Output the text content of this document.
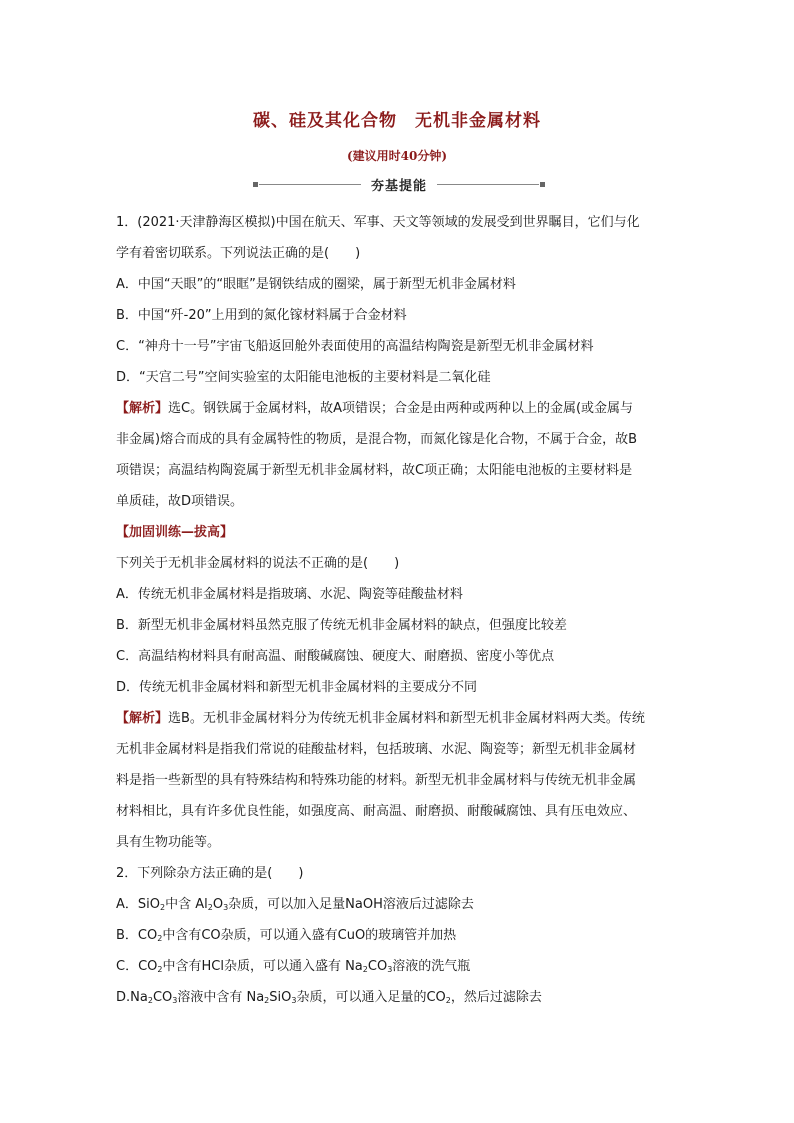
碳、硅及其化合物　无机非金属材料
(建议用时40分钟)
夯基提能
1．(2021·天津静海区模拟)中国在航天、军事、天文等领域的发展受到世界瞩目，它们与化
学有着密切联系。下列说法正确的是(　　)
A．中国“天眼”的“眼眶”是钢铁结成的圈梁，属于新型无机非金属材料
B．中国“歼-20”上用到的氮化镓材料属于合金材料
C．“神舟十一号”宇宙飞船返回舱外表面使用的高温结构陶瓷是新型无机非金属材料
D．“天宫二号”空间实验室的太阳能电池板的主要材料是二氧化硅
【解析】选C。钢铁属于金属材料，故A项错误；合金是由两种或两种以上的金属(或金属与
非金属)熔合而成的具有金属特性的物质，是混合物，而氮化镓是化合物，不属于合金，故B
项错误；高温结构陶瓷属于新型无机非金属材料，故C项正确；太阳能电池板的主要材料是
单质硅，故D项错误。
【加固训练—拔高】
下列关于无机非金属材料的说法不正确的是(　　)
A．传统无机非金属材料是指玻璃、水泥、陶瓷等硅酸盐材料
B．新型无机非金属材料虽然克服了传统无机非金属材料的缺点，但强度比较差
C．高温结构材料具有耐高温、耐酸碱腐蚀、硬度大、耐磨损、密度小等优点
D．传统无机非金属材料和新型无机非金属材料的主要成分不同
【解析】选B。无机非金属材料分为传统无机非金属材料和新型无机非金属材料两大类。传统
无机非金属材料是指我们常说的硅酸盐材料，包括玻璃、水泥、陶瓷等；新型无机非金属材
料是指一些新型的具有特殊结构和特殊功能的材料。新型无机非金属材料与传统无机非金属
材料相比，具有许多优良性能，如强度高、耐高温、耐磨损、耐酸碱腐蚀、具有压电效应、
具有生物功能等。
2．下列除杂方法正确的是(　　)
A．SiO$_2$中含 $Al_2O_3$杂质，可以加入足量NaOH溶液后过滤除去
B．$CO_2$中含有CO杂质，可以通入盛有CuO的玻璃管并加热
C．$CO_2$中含有HCl杂质，可以通入盛有 $Na_2CO_3$溶液的洗气瓶
$D.Na_2CO_3$溶液中含有 $Na_2SiO_3$杂质，可以通入足量的$CO_2$，然后过滤除去
